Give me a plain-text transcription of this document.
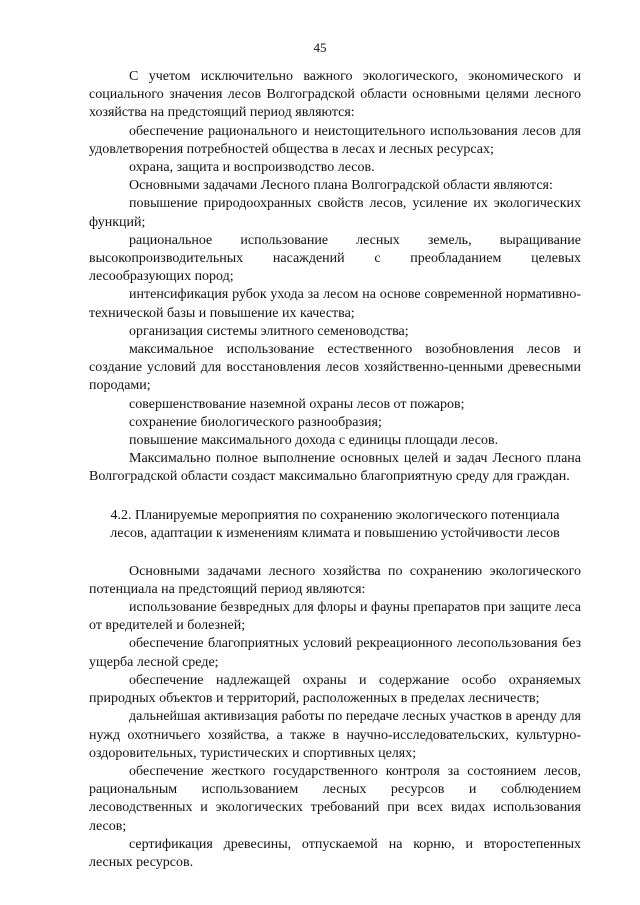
45

С учетом исключительно важного экологического, экономического и социального значения лесов Волгоградской области основными целями лесного хозяйства на предстоящий период являются:

обеспечение рационального и неистощительного использования лесов для удовлетворения потребностей общества в лесах и лесных ресурсах;

охрана, защита и воспроизводство лесов.

Основными задачами Лесного плана Волгоградской области являются:

повышение природоохранных свойств лесов, усиление их экологических функций;

рациональное использование лесных земель, выращивание высокопроизводительных насаждений с преобладанием целевых лесообразующих пород;

интенсификация рубок ухода за лесом на основе современной нормативно-технической базы и повышение их качества;

организация системы элитного семеноводства;

максимальное использование естественного возобновления лесов и создание условий для восстановления лесов хозяйственно-ценными древесными породами;

совершенствование наземной охраны лесов от пожаров;

сохранение биологического разнообразия;

повышение максимального дохода с единицы площади лесов.

Максимально полное выполнение основных целей и задач Лесного плана Волгоградской области создаст максимально благоприятную среду для граждан.

4.2. Планируемые мероприятия по сохранению экологического потенциала
лесов, адаптации к изменениям климата и повышению устойчивости лесов

Основными задачами лесного хозяйства по сохранению экологического потенциала на предстоящий период являются:

использование безвредных для флоры и фауны препаратов при защите леса от вредителей и болезней;

обеспечение благоприятных условий рекреационного лесопользования без ущерба лесной среде;

обеспечение надлежащей охраны и содержание особо охраняемых природных объектов и территорий, расположенных в пределах лесничеств;

дальнейшая активизация работы по передаче лесных участков в аренду для нужд охотничьего хозяйства, а также в научно-исследовательских, культурно-оздоровительных, туристических и спортивных целях;

обеспечение жесткого государственного контроля за состоянием лесов, рациональным использованием лесных ресурсов и соблюдением лесоводственных и экологических требований при всех видах использования лесов;

сертификация древесины, отпускаемой на корню, и второстепенных лесных ресурсов.
